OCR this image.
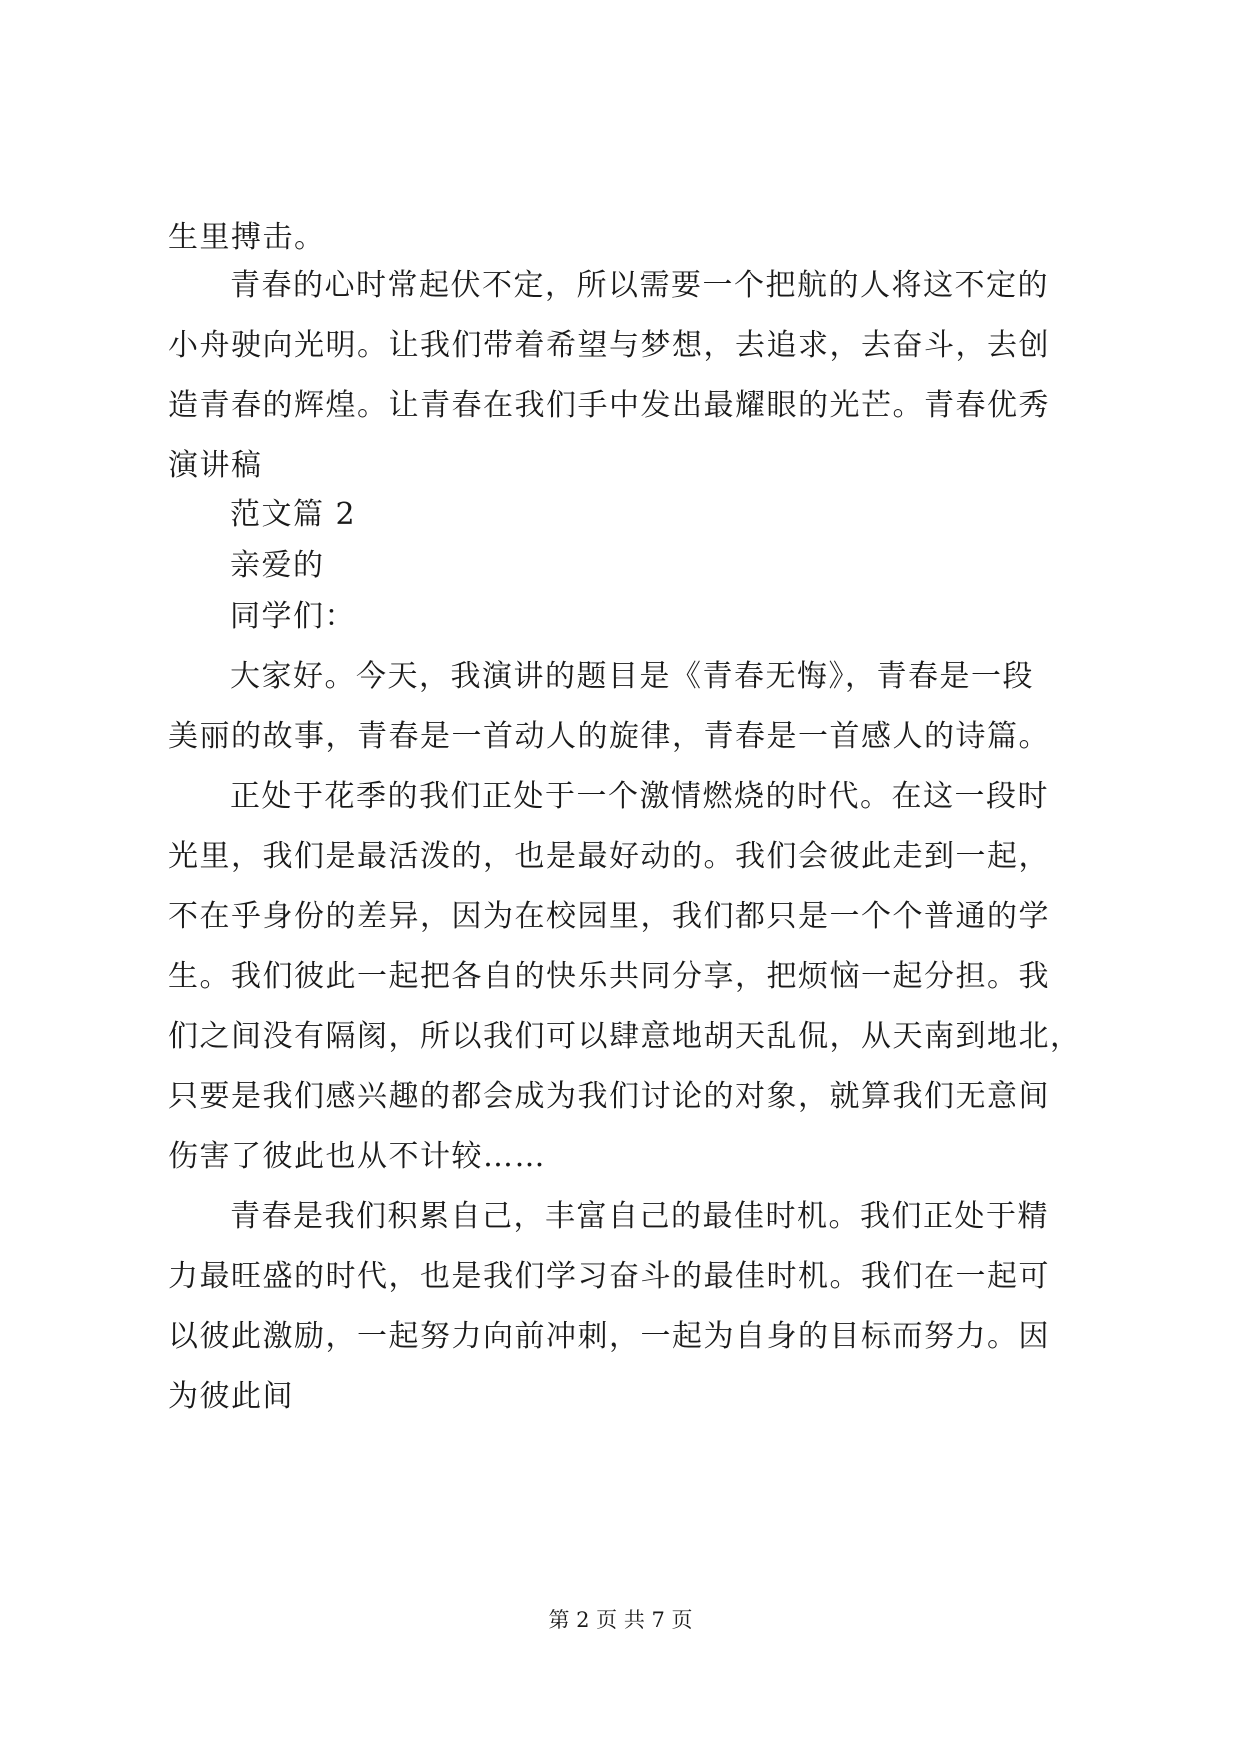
生里搏击。
青春的心时常起伏不定，所以需要一个把航的人将这不定的
小舟驶向光明。让我们带着希望与梦想，去追求，去奋斗，去创
造青春的辉煌。让青春在我们手中发出最耀眼的光芒。青春优秀
演讲稿
范文篇 2
亲爱的
同学们：
大家好。今天，我演讲的题目是《青春无悔》，青春是一段
美丽的故事，青春是一首动人的旋律，青春是一首感人的诗篇。
正处于花季的我们正处于一个激情燃烧的时代。在这一段时
光里，我们是最活泼的，也是最好动的。我们会彼此走到一起，
不在乎身份的差异，因为在校园里，我们都只是一个个普通的学
生。我们彼此一起把各自的快乐共同分享，把烦恼一起分担。我
们之间没有隔阂，所以我们可以肆意地胡天乱侃，从天南到地北，
只要是我们感兴趣的都会成为我们讨论的对象，就算我们无意间
伤害了彼此也从不计较……
青春是我们积累自己，丰富自己的最佳时机。我们正处于精
力最旺盛的时代，也是我们学习奋斗的最佳时机。我们在一起可
以彼此激励，一起努力向前冲刺，一起为自身的目标而努力。因
为彼此间
第 2 页 共 7 页
